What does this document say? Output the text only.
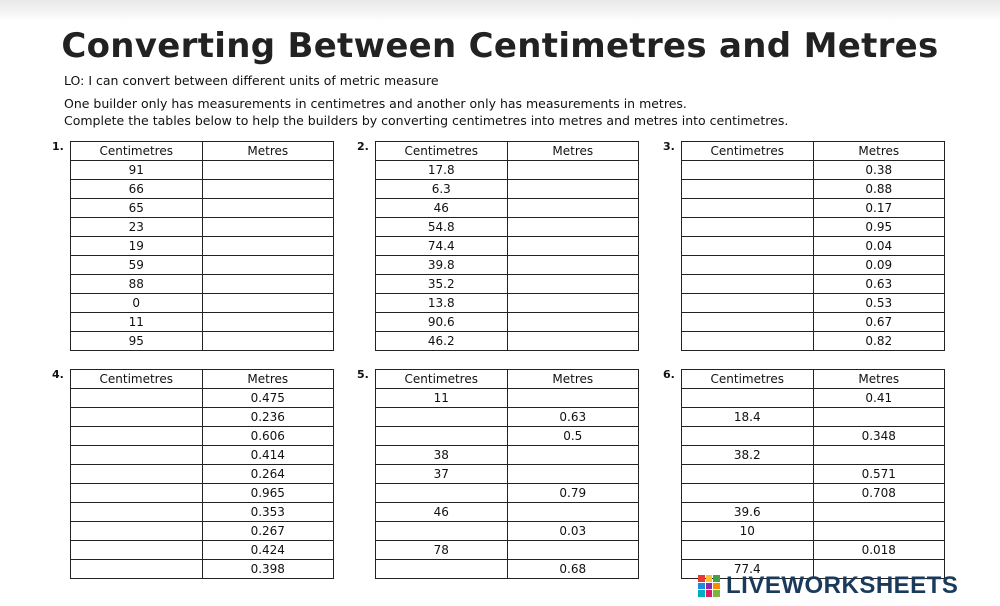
Converting Between Centimetres and Metres
LO: I can convert between different units of metric measure
One builder only has measurements in centimetres and another only has measurements in metres.
Complete the tables below to help the builders by converting centimetres into metres and metres into centimetres.
1.	Centimetres	Metres
91	
66	
65	
23	
19	
59	
88	
0	
11	
95	
2.	Centimetres	Metres
17.8	
6.3	
46	
54.8	
74.4	
39.8	
35.2	
13.8	
90.6	
46.2	
3.	Centimetres	Metres
	0.38
	0.88
	0.17
	0.95
	0.04
	0.09
	0.63
	0.53
	0.67
	0.82
4.	Centimetres	Metres
	0.475
	0.236
	0.606
	0.414
	0.264
	0.965
	0.353
	0.267
	0.424
	0.398
5.	Centimetres	Metres
11	
	0.63
	0.5
38	
37	
	0.79
46	
	0.03
78	
	0.68
6.	Centimetres	Metres
	0.41
18.4	
	0.348
38.2	
	0.571
	0.708
39.6	
10	
	0.018
77.4	
LIVEWORKSHEETS
